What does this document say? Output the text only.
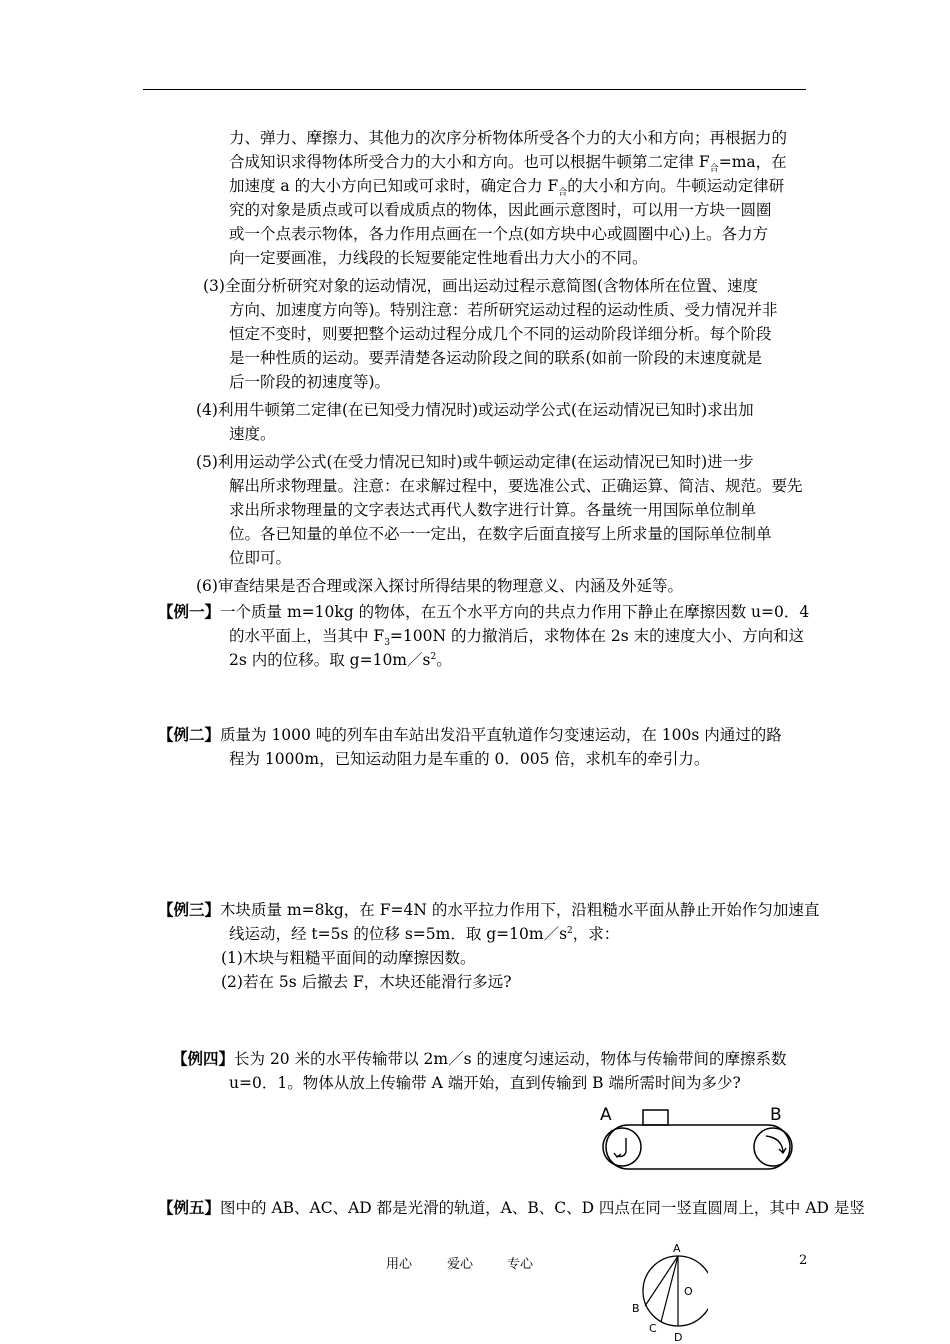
力、弹力、摩擦力、其他力的次序分析物体所受各个力的大小和方向；再根据力的
合成知识求得物体所受合力的大小和方向。也可以根据牛顿第二定律 $F_合=ma$，在
加速度 a 的大小方向已知或可求时，确定合力 $F_合$的大小和方向。牛顿运动定律研
究的对象是质点或可以看成质点的物体，因此画示意图时，可以用一方块一圆圈
或一个点表示物体，各力作用点画在一个点(如方块中心或圆圈中心)上。各力方
向一定要画准，力线段的长短要能定性地看出力大小的不同。
(3)全面分析研究对象的运动情况，画出运动过程示意简图(含物体所在位置、速度
方向、加速度方向等)。特别注意：若所研究运动过程的运动性质、受力情况并非
恒定不变时，则要把整个运动过程分成几个不同的运动阶段详细分析。每个阶段
是一种性质的运动。要弄清楚各运动阶段之间的联系(如前一阶段的末速度就是
后一阶段的初速度等)。
(4)利用牛顿第二定律(在已知受力情况时)或运动学公式(在运动情况已知时)求出加
速度。
(5)利用运动学公式(在受力情况已知时)或牛顿运动定律(在运动情况已知时)进一步
解出所求物理量。注意：在求解过程中，要选准公式、正确运算、简洁、规范。要先
求出所求物理量的文字表达式再代人数字进行计算。各量统一用国际单位制单
位。各已知量的单位不必一一定出，在数字后面直接写上所求量的国际单位制单
位即可。
(6)审查结果是否合理或深入探讨所得结果的物理意义、内涵及外延等。
【例一】一个质量 m=10kg 的物体，在五个水平方向的共点力作用下静止在摩擦因数 u=0．4
的水平面上，当其中 $F_3=100N$ 的力撤消后，求物体在 2s 末的速度大小、方向和这
2s 内的位移。取 $g=10m/s^2$。
【例二】质量为 1000 吨的列车由车站出发沿平直轨道作匀变速运动，在 100s 内通过的路
程为 1000m，已知运动阻力是车重的 0．005 倍，求机车的牵引力。
【例三】木块质量 m=8kg，在 F=4N 的水平拉力作用下，沿粗糙水平面从静止开始作匀加速直
线运动，经 t=5s 的位移 s=5m．取 $g=10m/s^2$，求：
(1)木块与粗糙平面间的动摩擦因数。
(2)若在 5s 后撤去 F，木块还能滑行多远?
【例四】长为 20 米的水平传输带以 2m／s 的速度匀速运动，物体与传输带间的摩擦系数
u=0．1。物体从放上传输带 A 端开始，直到传输到 B 端所需时间为多少?
A	B
【例五】图中的 AB、AC、AD 都是光滑的轨道，A、B、C、D 四点在同一竖直圆周上，其中 AD 是竖
用心	爱心	专心	2
A
O
B
C
D
